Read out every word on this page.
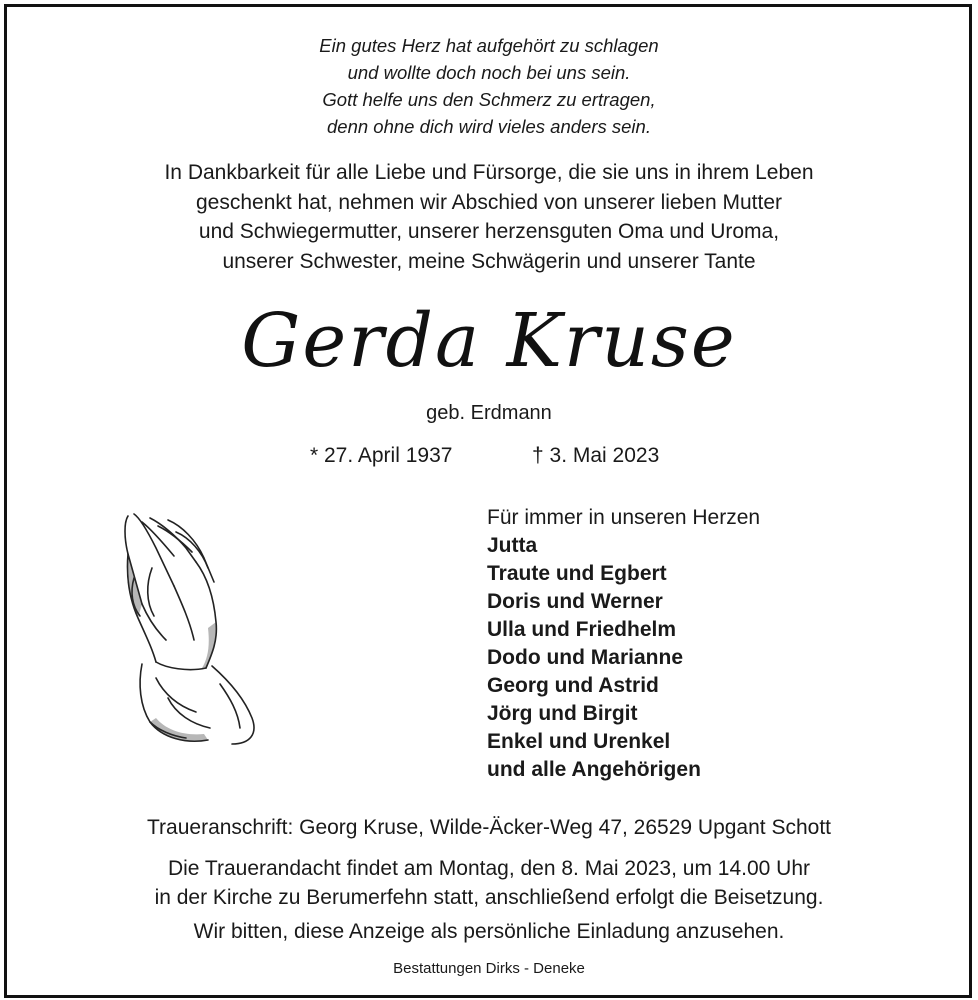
Ein gutes Herz hat aufgehört zu schlagen
und wollte doch noch bei uns sein.
Gott helfe uns den Schmerz zu ertragen,
denn ohne dich wird vieles anders sein.
In Dankbarkeit für alle Liebe und Fürsorge, die sie uns in ihrem Leben
geschenkt hat, nehmen wir Abschied von unserer lieben Mutter
und Schwiegermutter, unserer herzensguten Oma und Uroma,
unserer Schwester, meine Schwägerin und unserer Tante
Gerda Kruse
geb. Erdmann
* 27. April 1937	† 3. Mai 2023
Für immer in unseren Herzen
Jutta
Traute und Egbert
Doris und Werner
Ulla und Friedhelm
Dodo und Marianne
Georg und Astrid
Jörg und Birgit
Enkel und Urenkel
und alle Angehörigen
Traueranschrift: Georg Kruse, Wilde-Äcker-Weg 47, 26529 Upgant Schott
Die Trauerandacht findet am Montag, den 8. Mai 2023, um 14.00 Uhr
in der Kirche zu Berumerfehn statt, anschließend erfolgt die Beisetzung.
Wir bitten, diese Anzeige als persönliche Einladung anzusehen.
Bestattungen Dirks - Deneke
